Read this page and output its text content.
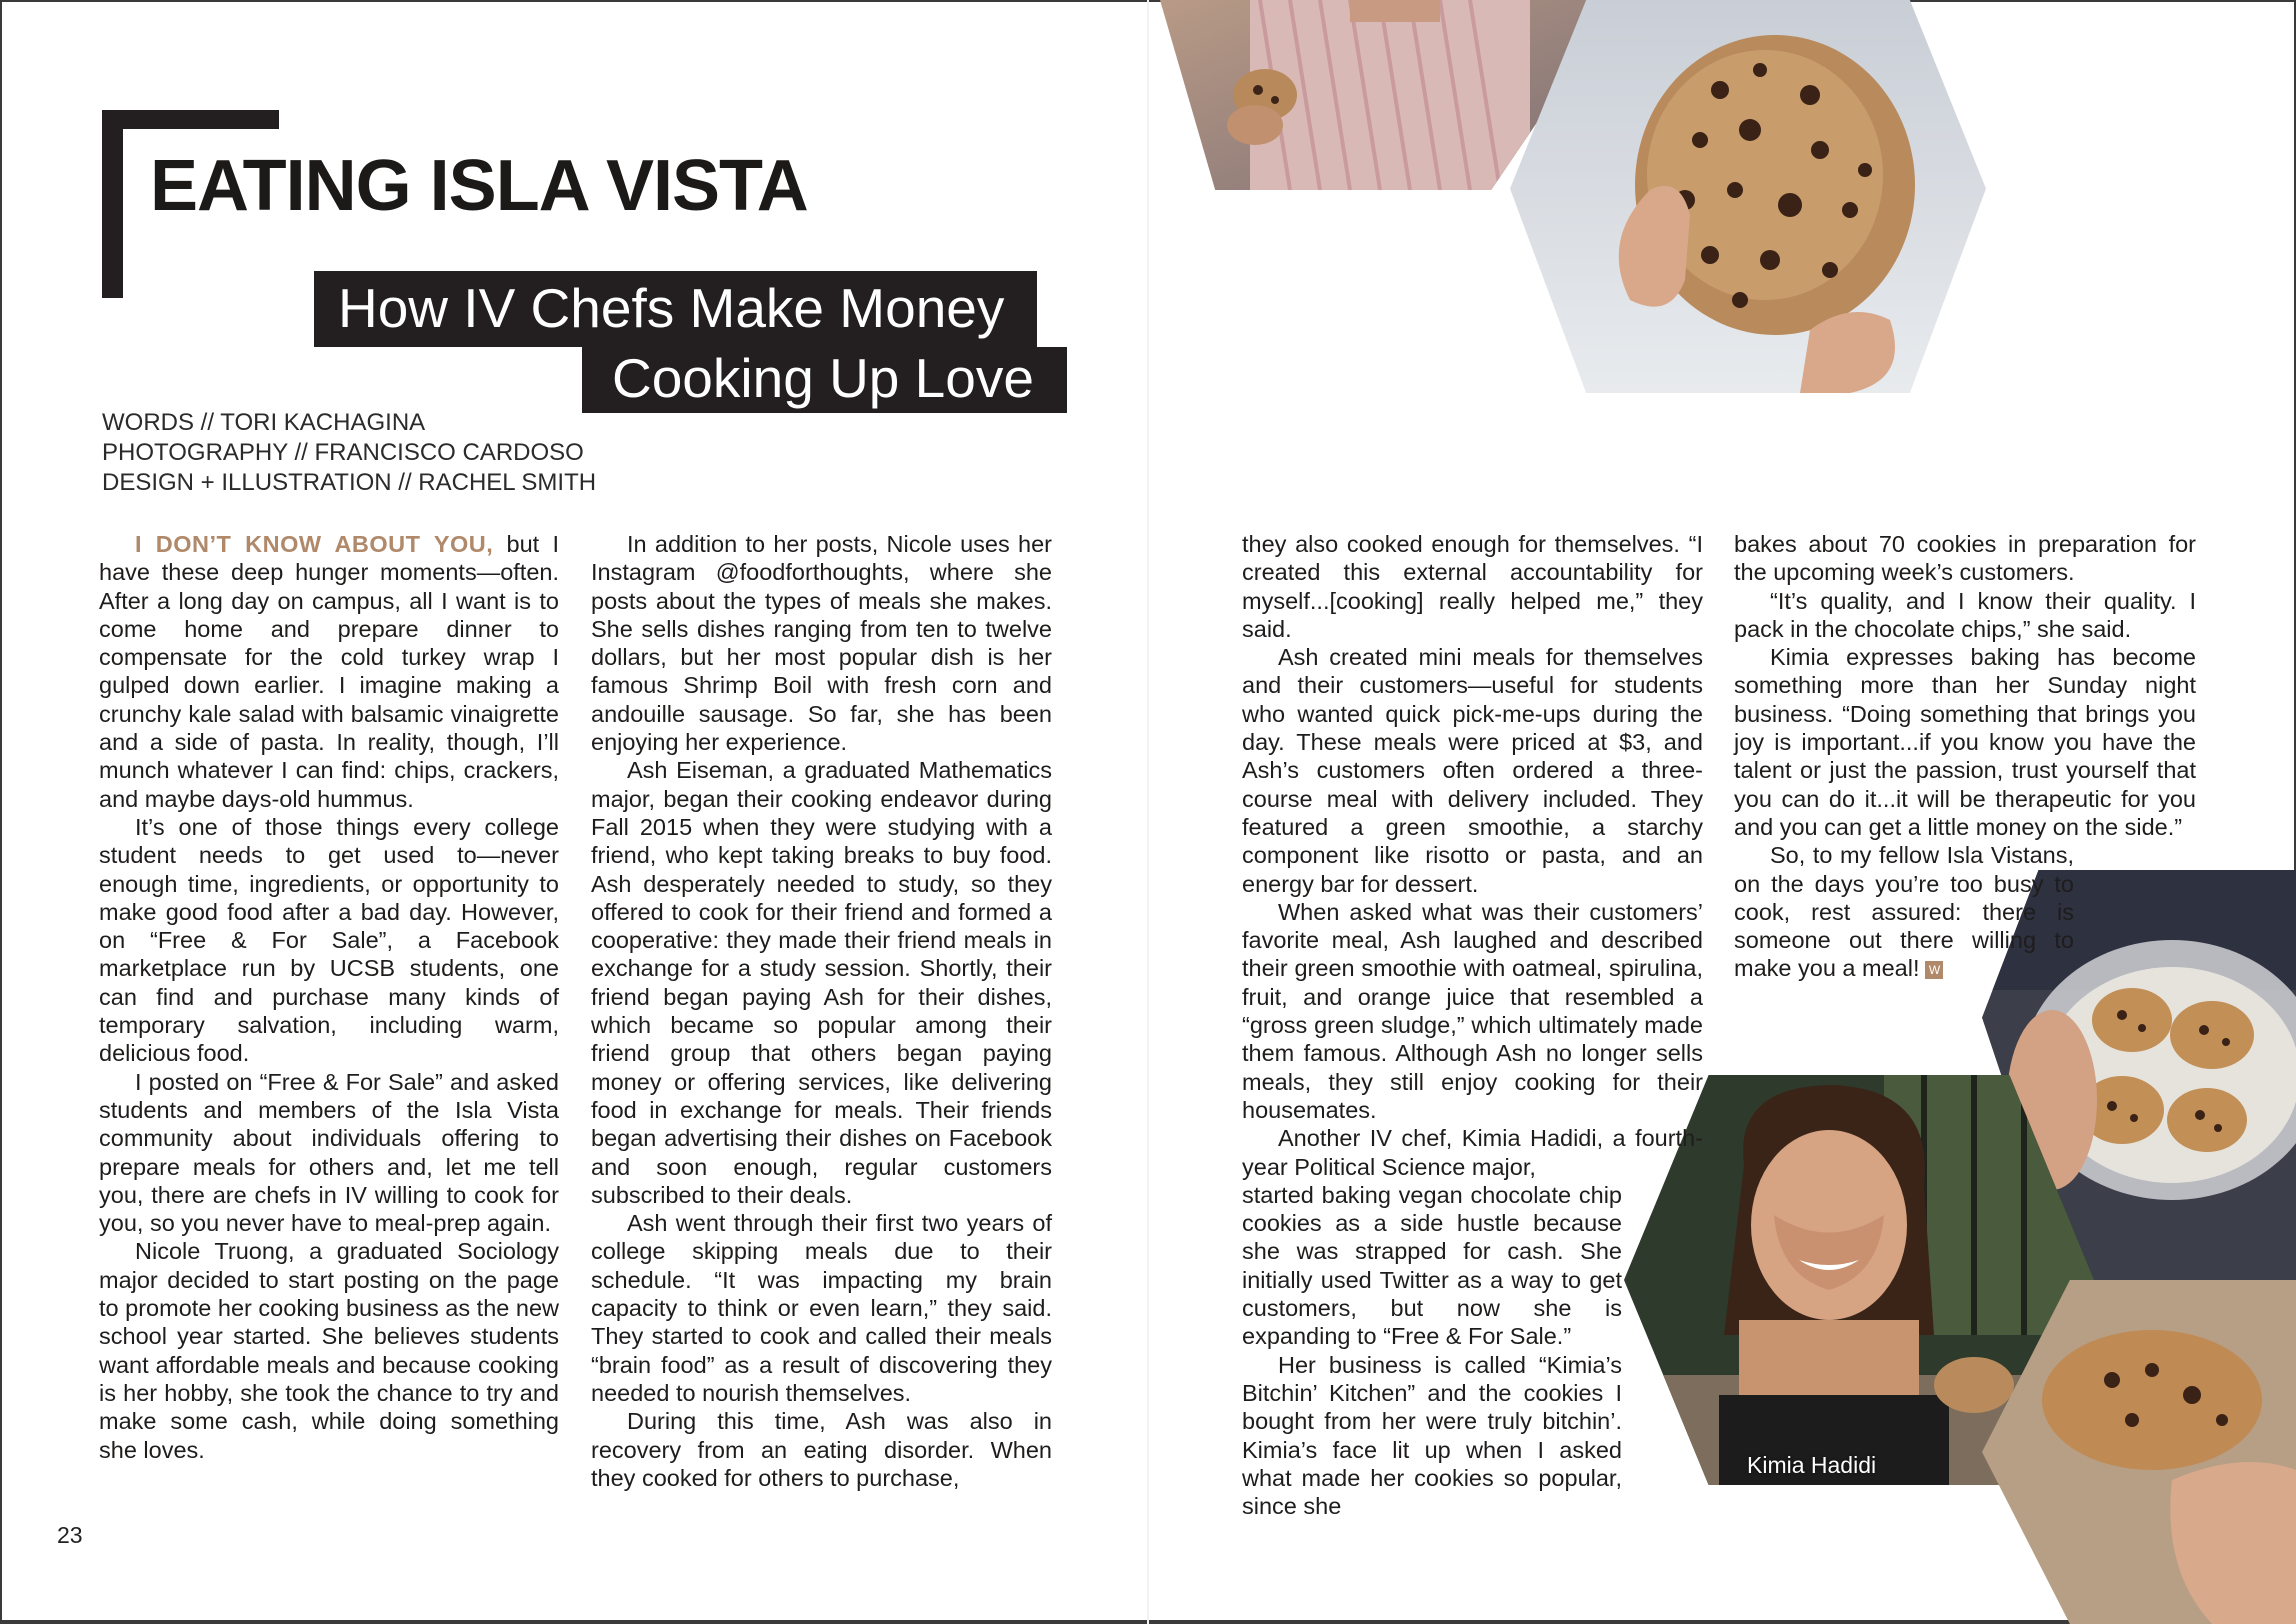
EATING ISLA VISTA
How IV Chefs Make Money
Cooking Up Love
WORDS // TORI KACHAGINA
PHOTOGRAPHY // FRANCISCO CARDOSO
DESIGN + ILLUSTRATION // RACHEL SMITH
Kimia Hadidi

I DON’T KNOW ABOUT YOU, but I have these deep hunger moments—often. After a long day on campus, all I want is to come home and prepare dinner to compensate for the cold turkey wrap I gulped down earlier. I imagine making a crunchy kale salad with balsamic vinaigrette and a side of pasta. In reality, though, I’ll munch whatever I can find: chips, crackers, and maybe days-old hummus.

It’s one of those things every college student needs to get used to—never enough time, ingredients, or opportunity to make good food after a bad day. However, on “Free & For Sale”, a Facebook marketplace run by UCSB students, one can find and purchase many kinds of temporary salvation, including warm, delicious food.

I posted on “Free & For Sale” and asked students and members of the Isla Vista community about individuals offering to prepare meals for others and, let me tell you, there are chefs in IV willing to cook for you, so you never have to meal-prep again.

Nicole Truong, a graduated Sociology major decided to start posting on the page to promote her cooking business as the new school year started. She believes students want affordable meals and because cooking is her hobby, she took the chance to try and make some cash, while doing something she loves.

In addition to her posts, Nicole uses her Instagram @foodforthoughts, where she posts about the types of meals she makes. She sells dishes ranging from ten to twelve dollars, but her most popular dish is her famous Shrimp Boil with fresh corn and andouille sausage. So far, she has been enjoying her experience.

Ash Eiseman, a graduated Mathematics major, began their cooking endeavor during Fall 2015 when they were studying with a friend, who kept taking breaks to buy food. Ash desperately needed to study, so they offered to cook for their friend and formed a cooperative: they made their friend meals in exchange for a study session. Shortly, their friend began paying Ash for their dishes, which became so popular among their friend group that others began paying money or offering services, like delivering food in exchange for meals. Their friends began advertising their dishes on Facebook and soon enough, regular customers subscribed to their deals.

Ash went through their first two years of college skipping meals due to their schedule. “It was impacting my brain capacity to think or even learn,” they said. They started to cook and called their meals “brain food” as a result of discovering they needed to nourish themselves.

During this time, Ash was also in recovery from an eating disorder. When they cooked for others to purchase,

they also cooked enough for themselves. “I created this external accountability for myself...[cooking] really helped me,” they said.

Ash created mini meals for themselves and their customers—useful for students who wanted quick pick-me-ups during the day. These meals were priced at $3, and Ash’s customers often ordered a three-course meal with delivery included. They featured a green smoothie, a starchy component like risotto or pasta, and an energy bar for dessert.

When asked what was their customers’ favorite meal, Ash laughed and described their green smoothie with oatmeal, spirulina, fruit, and orange juice that resembled a “gross green sludge,” which ultimately made them famous. Although Ash no longer sells meals, they still enjoy cooking for their housemates.

Another IV chef, Kimia Hadidi, a fourth-year Political Science major,

started baking vegan chocolate chip cookies as a side hustle because she was strapped for cash. She initially used Twitter as a way to get customers, but now she is expanding to “Free & For Sale.”

Her business is called “Kimia’s Bitchin’ Kitchen” and the cookies I bought from her were truly bitchin’. Kimia’s face lit up when I asked what made her cookies so popular, since she

bakes about 70 cookies in preparation for the upcoming week’s customers.

“It’s quality, and I know their quality. I pack in the chocolate chips,” she said.

Kimia expresses baking has become something more than her Sunday night business. “Doing something that brings you joy is important...if you know you have the talent or just the passion, trust yourself that you can do it...it will be therapeutic for you and you can get a little money on the side.”

So, to my fellow Isla Vistans, on the days you’re too busy to cook, rest assured: there is someone out there willing to make you a meal! W

23
